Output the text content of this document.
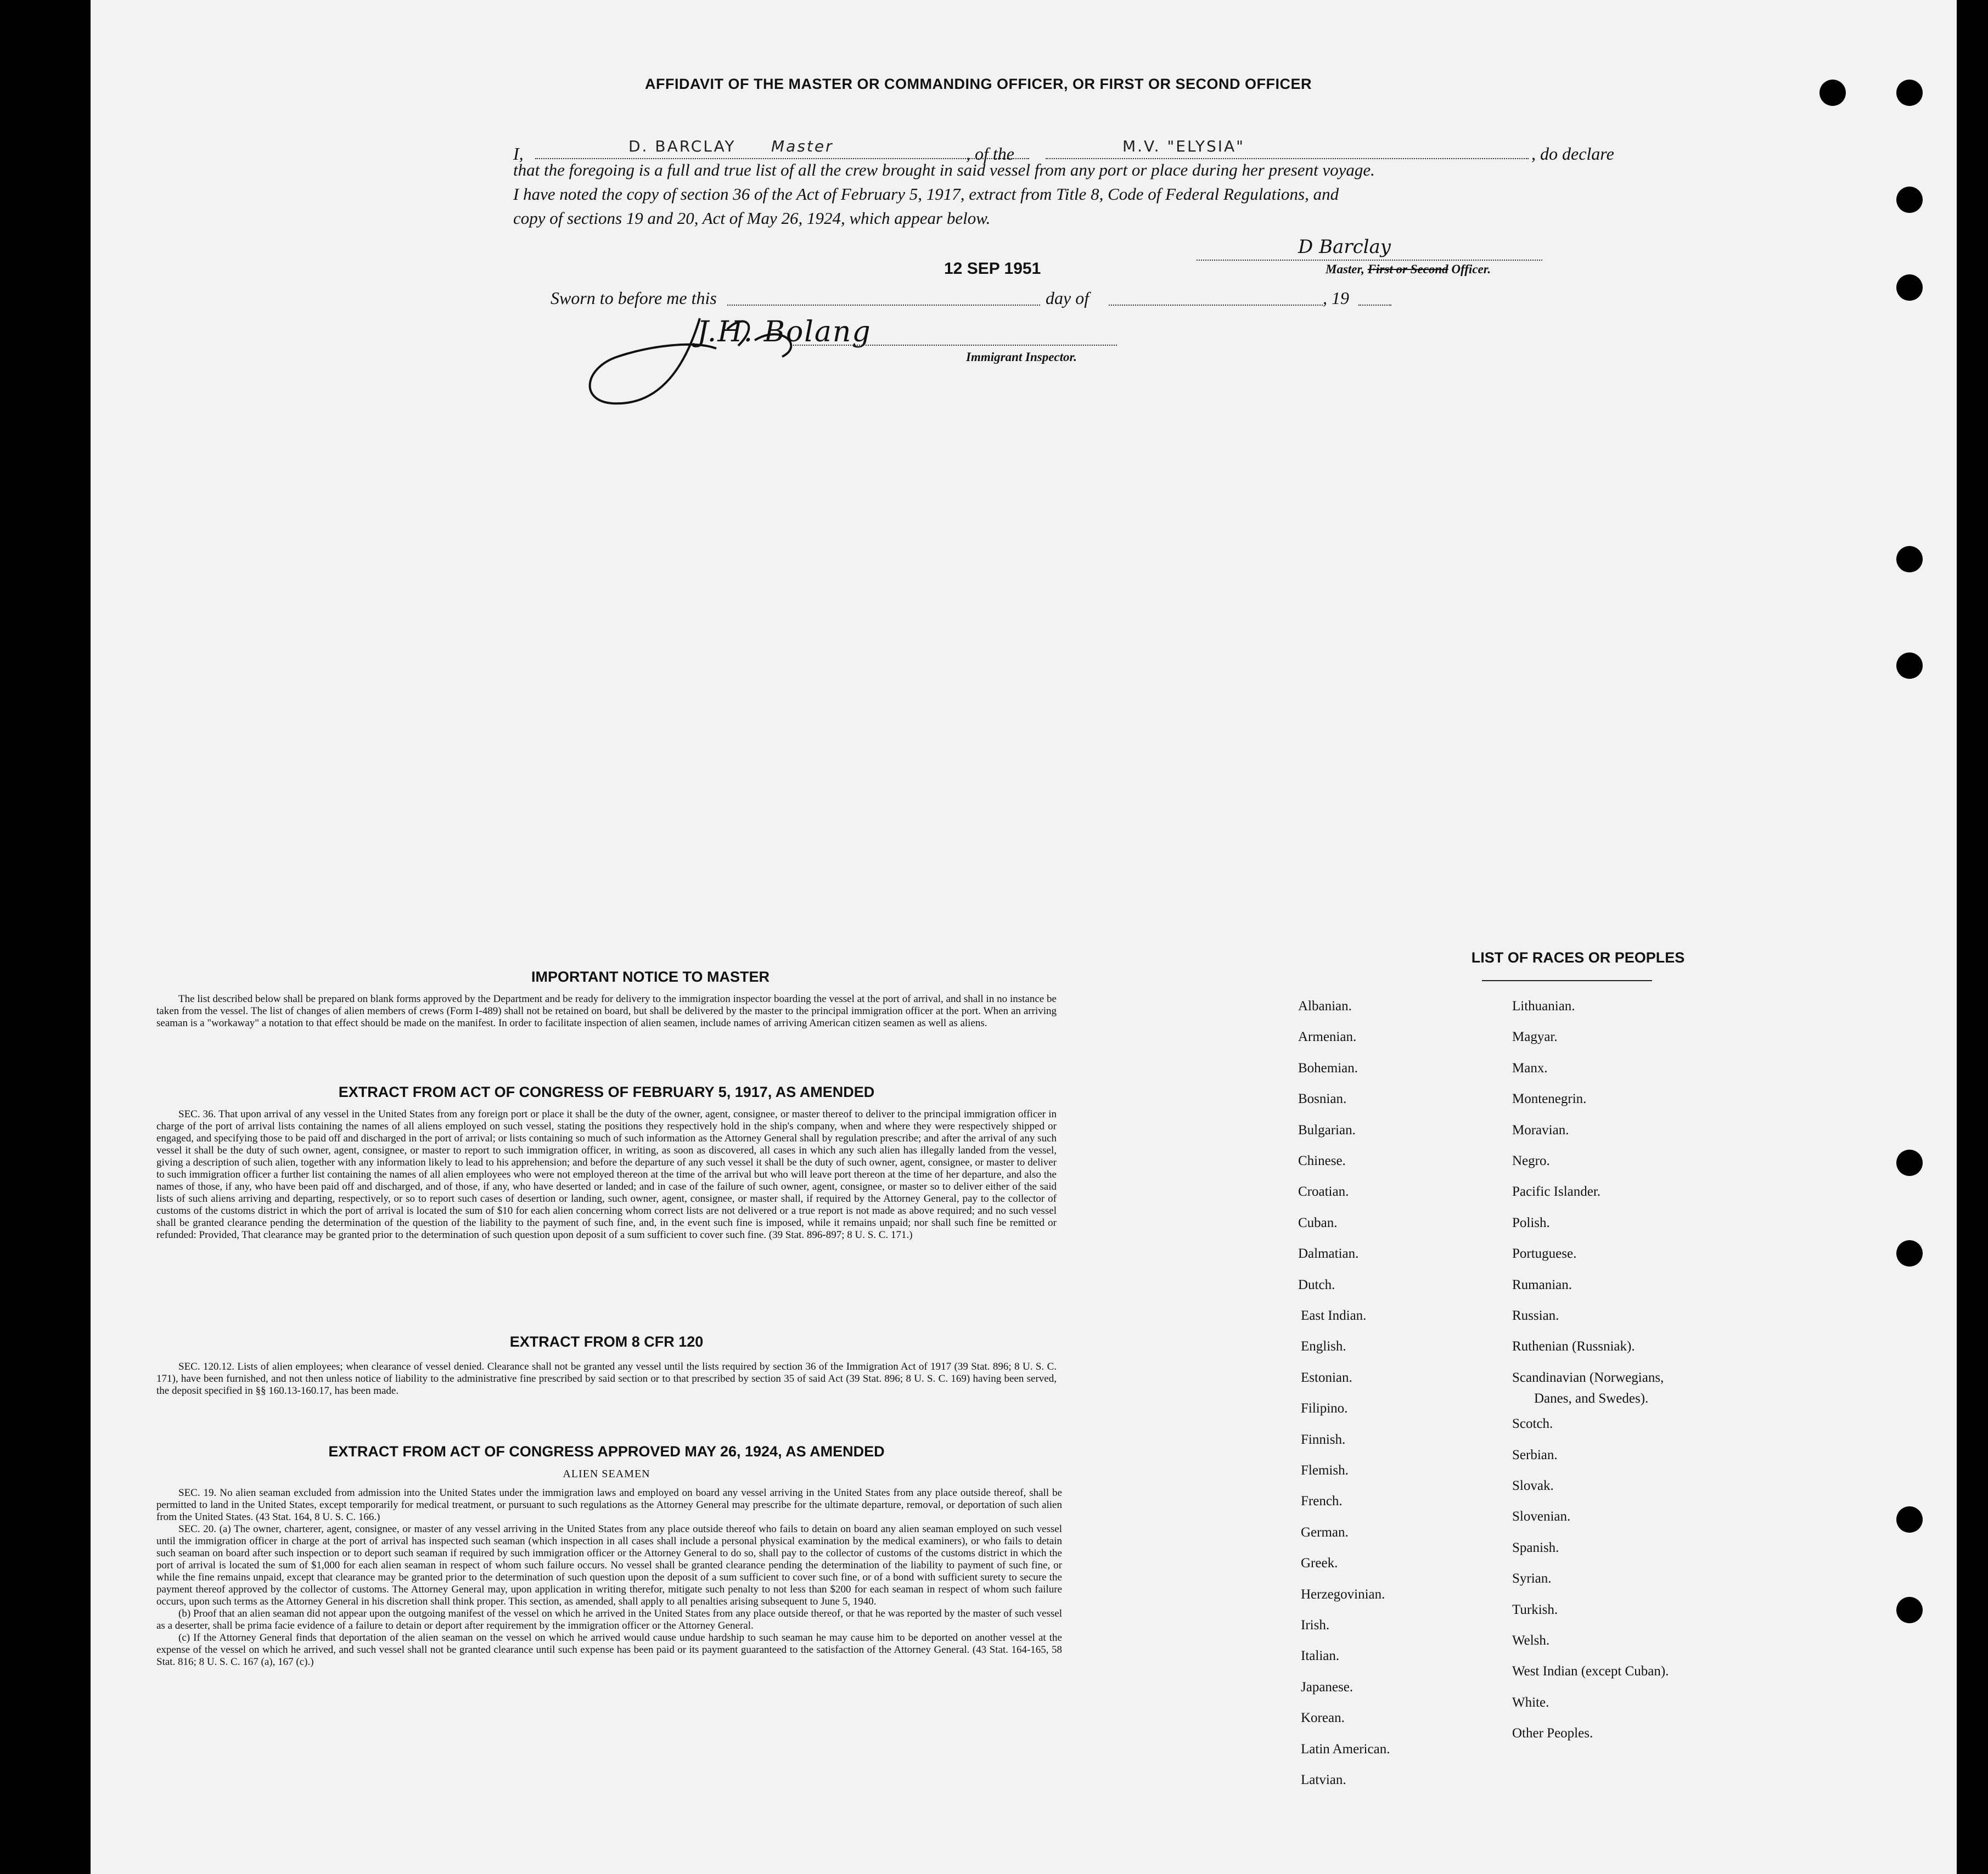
AFFIDAVIT OF THE MASTER OR COMMANDING OFFICER, OR FIRST OR SECOND OFFICER
I,	D. BARCLAY Master	, of the	M.V. "ELYSIA"	, do declare
that the foregoing is a full and true list of all the crew brought in said vessel from any port or place during her present voyage.
I have noted the copy of section 36 of the Act of February 5, 1917, extract from Title 8, Code of Federal Regulations, and
copy of sections 19 and 20, Act of May 26, 1924, which appear below.
D Barclay
Master, First or Second Officer.
12 SEP 1951
Sworn to before me this	day of	, 19
J.H. Bolang
Immigrant Inspector.
IMPORTANT NOTICE TO MASTER

The list described below shall be prepared on blank forms approved by the Department and be ready for delivery to the immigration inspector boarding the vessel at the port of arrival, and shall in no instance be taken from the vessel. The list of changes of alien members of crews (Form I-489) shall not be retained on board, but shall be delivered by the master to the principal immigration officer at the port. When an arriving seaman is a "workaway" a notation to that effect should be made on the manifest. In order to facilitate inspection of alien seamen, include names of arriving American citizen seamen as well as aliens.

EXTRACT FROM ACT OF CONGRESS OF FEBRUARY 5, 1917, AS AMENDED

SEC. 36. That upon arrival of any vessel in the United States from any foreign port or place it shall be the duty of the owner, agent, consignee, or master thereof to deliver to the principal immigration officer in charge of the port of arrival lists containing the names of all aliens employed on such vessel, stating the positions they respectively hold in the ship's company, when and where they were respectively shipped or engaged, and specifying those to be paid off and discharged in the port of arrival; or lists containing so much of such information as the Attorney General shall by regulation prescribe; and after the arrival of any such vessel it shall be the duty of such owner, agent, consignee, or master to report to such immigration officer, in writing, as soon as discovered, all cases in which any such alien has illegally landed from the vessel, giving a description of such alien, together with any information likely to lead to his apprehension; and before the departure of any such vessel it shall be the duty of such owner, agent, consignee, or master to deliver to such immigration officer a further list containing the names of all alien employees who were not employed thereon at the time of the arrival but who will leave port thereon at the time of her departure, and also the names of those, if any, who have been paid off and discharged, and of those, if any, who have deserted or landed; and in case of the failure of such owner, agent, consignee, or master so to deliver either of the said lists of such aliens arriving and departing, respectively, or so to report such cases of desertion or landing, such owner, agent, consignee, or master shall, if required by the Attorney General, pay to the collector of customs of the customs district in which the port of arrival is located the sum of $10 for each alien concerning whom correct lists are not delivered or a true report is not made as above required; and no such vessel shall be granted clearance pending the determination of the question of the liability to the payment of such fine, and, in the event such fine is imposed, while it remains unpaid; nor shall such fine be remitted or refunded: Provided, That clearance may be granted prior to the determination of such question upon deposit of a sum sufficient to cover such fine. (39 Stat. 896-897; 8 U. S. C. 171.)

EXTRACT FROM 8 CFR 120

SEC. 120.12. Lists of alien employees; when clearance of vessel denied. Clearance shall not be granted any vessel until the lists required by section 36 of the Immigration Act of 1917 (39 Stat. 896; 8 U. S. C. 171), have been furnished, and not then unless notice of liability to the administrative fine prescribed by said section or to that prescribed by section 35 of said Act (39 Stat. 896; 8 U. S. C. 169) having been served, the deposit specified in §§ 160.13-160.17, has been made.

EXTRACT FROM ACT OF CONGRESS APPROVED MAY 26, 1924, AS AMENDED
ALIEN SEAMEN

SEC. 19. No alien seaman excluded from admission into the United States under the immigration laws and employed on board any vessel arriving in the United States from any place outside thereof, shall be permitted to land in the United States, except temporarily for medical treatment, or pursuant to such regulations as the Attorney General may prescribe for the ultimate departure, removal, or deportation of such alien from the United States. (43 Stat. 164, 8 U. S. C. 166.)

SEC. 20. (a) The owner, charterer, agent, consignee, or master of any vessel arriving in the United States from any place outside thereof who fails to detain on board any alien seaman employed on such vessel until the immigration officer in charge at the port of arrival has inspected such seaman (which inspection in all cases shall include a personal physical examination by the medical examiners), or who fails to detain such seaman on board after such inspection or to deport such seaman if required by such immigration officer or the Attorney General to do so, shall pay to the collector of customs of the customs district in which the port of arrival is located the sum of $1,000 for each alien seaman in respect of whom such failure occurs. No vessel shall be granted clearance pending the determination of the liability to payment of such fine, or while the fine remains unpaid, except that clearance may be granted prior to the determination of such question upon the deposit of a sum sufficient to cover such fine, or of a bond with sufficient surety to secure the payment thereof approved by the collector of customs. The Attorney General may, upon application in writing therefor, mitigate such penalty to not less than $200 for each seaman in respect of whom such failure occurs, upon such terms as the Attorney General in his discretion shall think proper. This section, as amended, shall apply to all penalties arising subsequent to June 5, 1940.

(b) Proof that an alien seaman did not appear upon the outgoing manifest of the vessel on which he arrived in the United States from any place outside thereof, or that he was reported by the master of such vessel as a deserter, shall be prima facie evidence of a failure to detain or deport after requirement by the immigration officer or the Attorney General.

(c) If the Attorney General finds that deportation of the alien seaman on the vessel on which he arrived would cause undue hardship to such seaman he may cause him to be deported on another vessel at the expense of the vessel on which he arrived, and such vessel shall not be granted clearance until such expense has been paid or its payment guaranteed to the satisfaction of the Attorney General. (43 Stat. 164-165, 58 Stat. 816; 8 U. S. C. 167 (a), 167 (c).)

LIST OF RACES OR PEOPLES
Albanian.
Armenian.
Bohemian.
Bosnian.
Bulgarian.
Chinese.
Croatian.
Cuban.
Dalmatian.
Dutch.
East Indian.
English.
Estonian.
Filipino.
Finnish.
Flemish.
French.
German.
Greek.
Herzegovinian.
Irish.
Italian.
Japanese.
Korean.
Latin American.
Latvian.
Lithuanian.
Magyar.
Manx.
Montenegrin.
Moravian.
Negro.
Pacific Islander.
Polish.
Portuguese.
Rumanian.
Russian.
Ruthenian (Russniak).
Scandinavian (Norwegians,
Danes, and Swedes).
Scotch.
Serbian.
Slovak.
Slovenian.
Spanish.
Syrian.
Turkish.
Welsh.
West Indian (except Cuban).
White.
Other Peoples.
